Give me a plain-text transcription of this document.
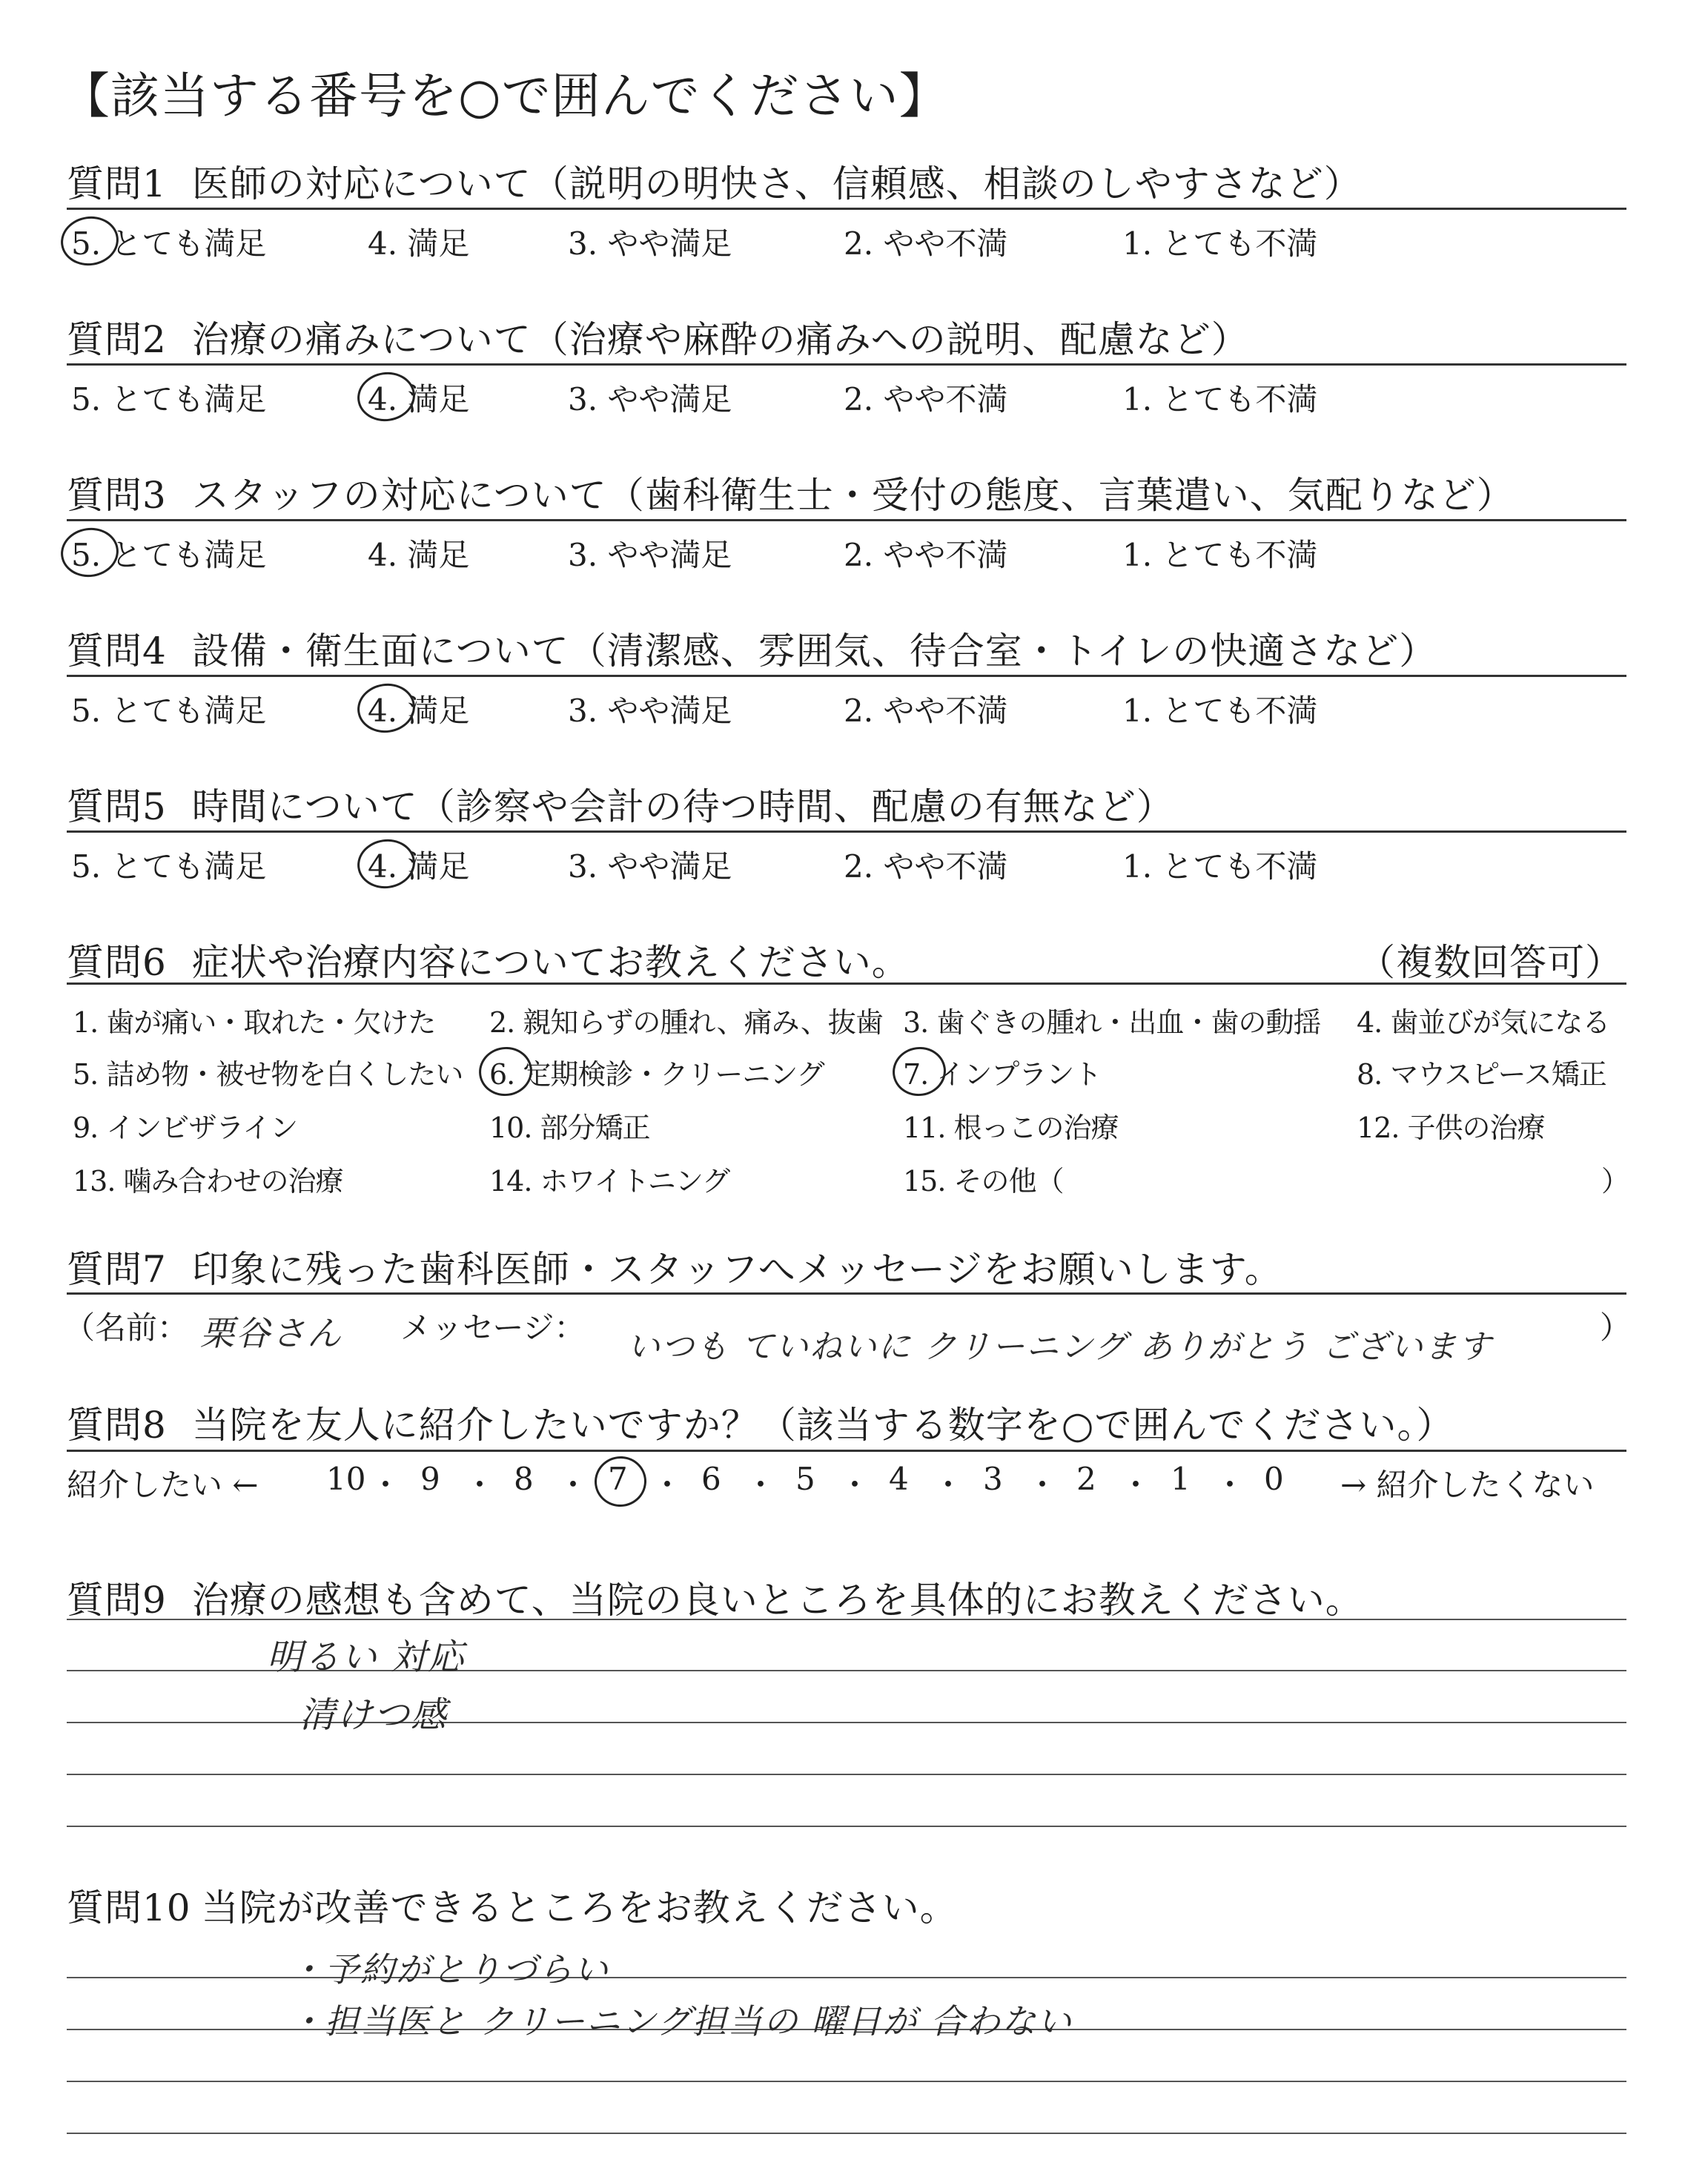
【該当する番号を○で囲んでください】
質問1 医師の対応について（説明の明快さ、信頼感、相談のしやすさなど）
5. とても満足	4. 満足	3. やや満足	2. やや不満	1. とても不満
質問2 治療の痛みについて（治療や麻酔の痛みへの説明、配慮など）
5. とても満足	4. 満足	3. やや満足	2. やや不満	1. とても不満
質問3 スタッフの対応について（歯科衛生士・受付の態度、言葉遣い、気配りなど）
5. とても満足	4. 満足	3. やや満足	2. やや不満	1. とても不満
質問4 設備・衛生面について（清潔感、雰囲気、待合室・トイレの快適さなど）
5. とても満足	4. 満足	3. やや満足	2. やや不満	1. とても不満
質問5 時間について（診察や会計の待つ時間、配慮の有無など）
5. とても満足	4. 満足	3. やや満足	2. やや不満	1. とても不満
質問6 症状や治療内容についてお教えください。	（複数回答可）
1. 歯が痛い・取れた・欠けた 2. 親知らずの腫れ、痛み、抜歯 3. 歯ぐきの腫れ・出血・歯の動揺 4. 歯並びが気になる
5. 詰め物・被せ物を白くしたい 6. 定期検診・クリーニング	7. インプラント	8. マウスピース矯正
9. インビザライン	10. 部分矯正	11. 根っこの治療	12. 子供の治療
13. 噛み合わせの治療	14. ホワイトニング	15. その他（	）
質問7 印象に残った歯科医師・スタッフへメッセージをお願いします。
（名前： 栗谷さん メッセージ：
いつも ていねいに クリーニング ありがとう ございます
）
質問8 当院を友人に紹介したいですか？（該当する数字を○で囲んでください。）
紹介したい ←	→ 紹介したくない
10 ・ 9 ・ 8 ・ 7 ・ 6 ・ 5 ・ 4 ・ 3 ・ 2 ・ 1 ・ 0
質問9 治療の感想も含めて、当院の良いところを具体的にお教えください。
明るい 対応
清けつ感
質問10 当院が改善できるところをお教えください。
・予約がとりづらい
・担当医と クリーニング担当の 曜日が 合わない
